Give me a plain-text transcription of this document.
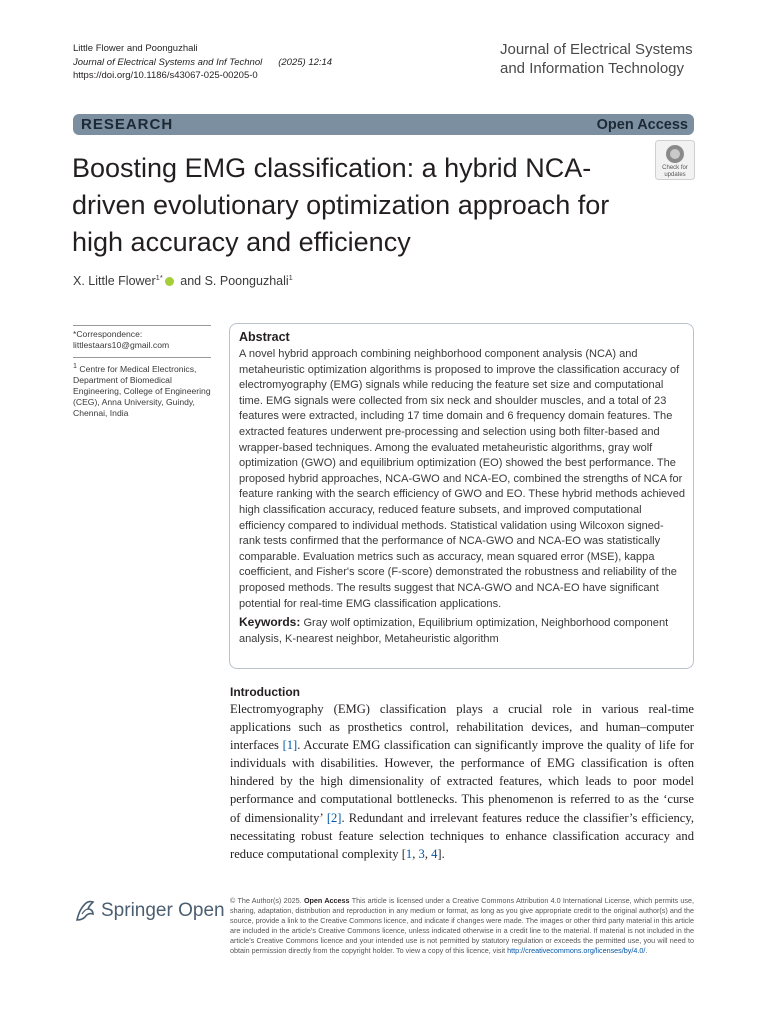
Little Flower and Poonguzhali
Journal of Electrical Systems and Inf Technol (2025) 12:14
https://doi.org/10.1186/s43067-025-00205-0
Journal of Electrical Systems
and Information Technology
RESEARCH	Open Access
Boosting EMG classification: a hybrid NCA-driven evolutionary optimization approach for high accuracy and efficiency
Check for
updates
X. Little Flower$^{1*}$ and S. Poonguzhali$^1$
*Correspondence:
littlestaars10@gmail.com
$^1$ Centre for Medical Electronics, Department of Biomedical Engineering, College of Engineering (CEG), Anna University, Guindy, Chennai, India
Abstract

A novel hybrid approach combining neighborhood component analysis (NCA) and metaheuristic optimization algorithms is proposed to improve the classification accuracy of electromyography (EMG) signals while reducing the feature set size and computational time. EMG signals were collected from six neck and shoulder muscles, and a total of 23 features were extracted, including 17 time domain and 6 frequency domain features. The extracted features underwent pre-processing and selection using both filter-based and wrapper-based techniques. Among the evaluated metaheuristic algorithms, gray wolf optimization (GWO) and equilibrium optimization (EO) showed the best performance. The proposed hybrid approaches, NCA-GWO and NCA-EO, combined the strengths of NCA for feature ranking with the search efficiency of GWO and EO. These hybrid methods achieved high classification accuracy, reduced feature subsets, and improved computational efficiency compared to individual methods. Statistical validation using Wilcoxon signed-rank tests confirmed that the performance of NCA-GWO and NCA-EO was statistically comparable. Evaluation metrics such as accuracy, mean squared error (MSE), kappa coefficient, and Fisher's score (F-score) demonstrated the robustness and reliability of the proposed methods. The results suggest that NCA-GWO and NCA-EO have significant potential for real-time EMG classification applications.

Keywords: Gray wolf optimization, Equilibrium optimization, Neighborhood component analysis, K-nearest neighbor, Metaheuristic algorithm

Introduction

Electromyography (EMG) classification plays a crucial role in various real-time applications such as prosthetics control, rehabilitation devices, and human–computer interfaces [1]. Accurate EMG classification can significantly improve the quality of life for individuals with disabilities. However, the performance of EMG classification is often hindered by the high dimensionality of extracted features, which leads to poor model performance and computational bottlenecks. This phenomenon is referred to as the ‘curse of dimensionality’ [2]. Redundant and irrelevant features reduce the classifier’s efficiency, necessitating robust feature selection techniques to enhance classification accuracy and reduce computational complexity [1, 3, 4].

Springer Open © The Author(s) 2025. Open Access This article is licensed under a Creative Commons Attribution 4.0 International License, which permits use, sharing, adaptation, distribution and reproduction in any medium or format, as long as you give appropriate credit to the original author(s) and the source, provide a link to the Creative Commons licence, and indicate if changes were made. The images or other third party material in this article are included in the article’s Creative Commons licence, unless indicated otherwise in a credit line to the material. If material is not included in the article’s Creative Commons licence and your intended use is not permitted by statutory regulation or exceeds the permitted use, you will need to obtain permission directly from the copyright holder. To view a copy of this licence, visit http://creativecommons.org/licenses/by/4.0/.
